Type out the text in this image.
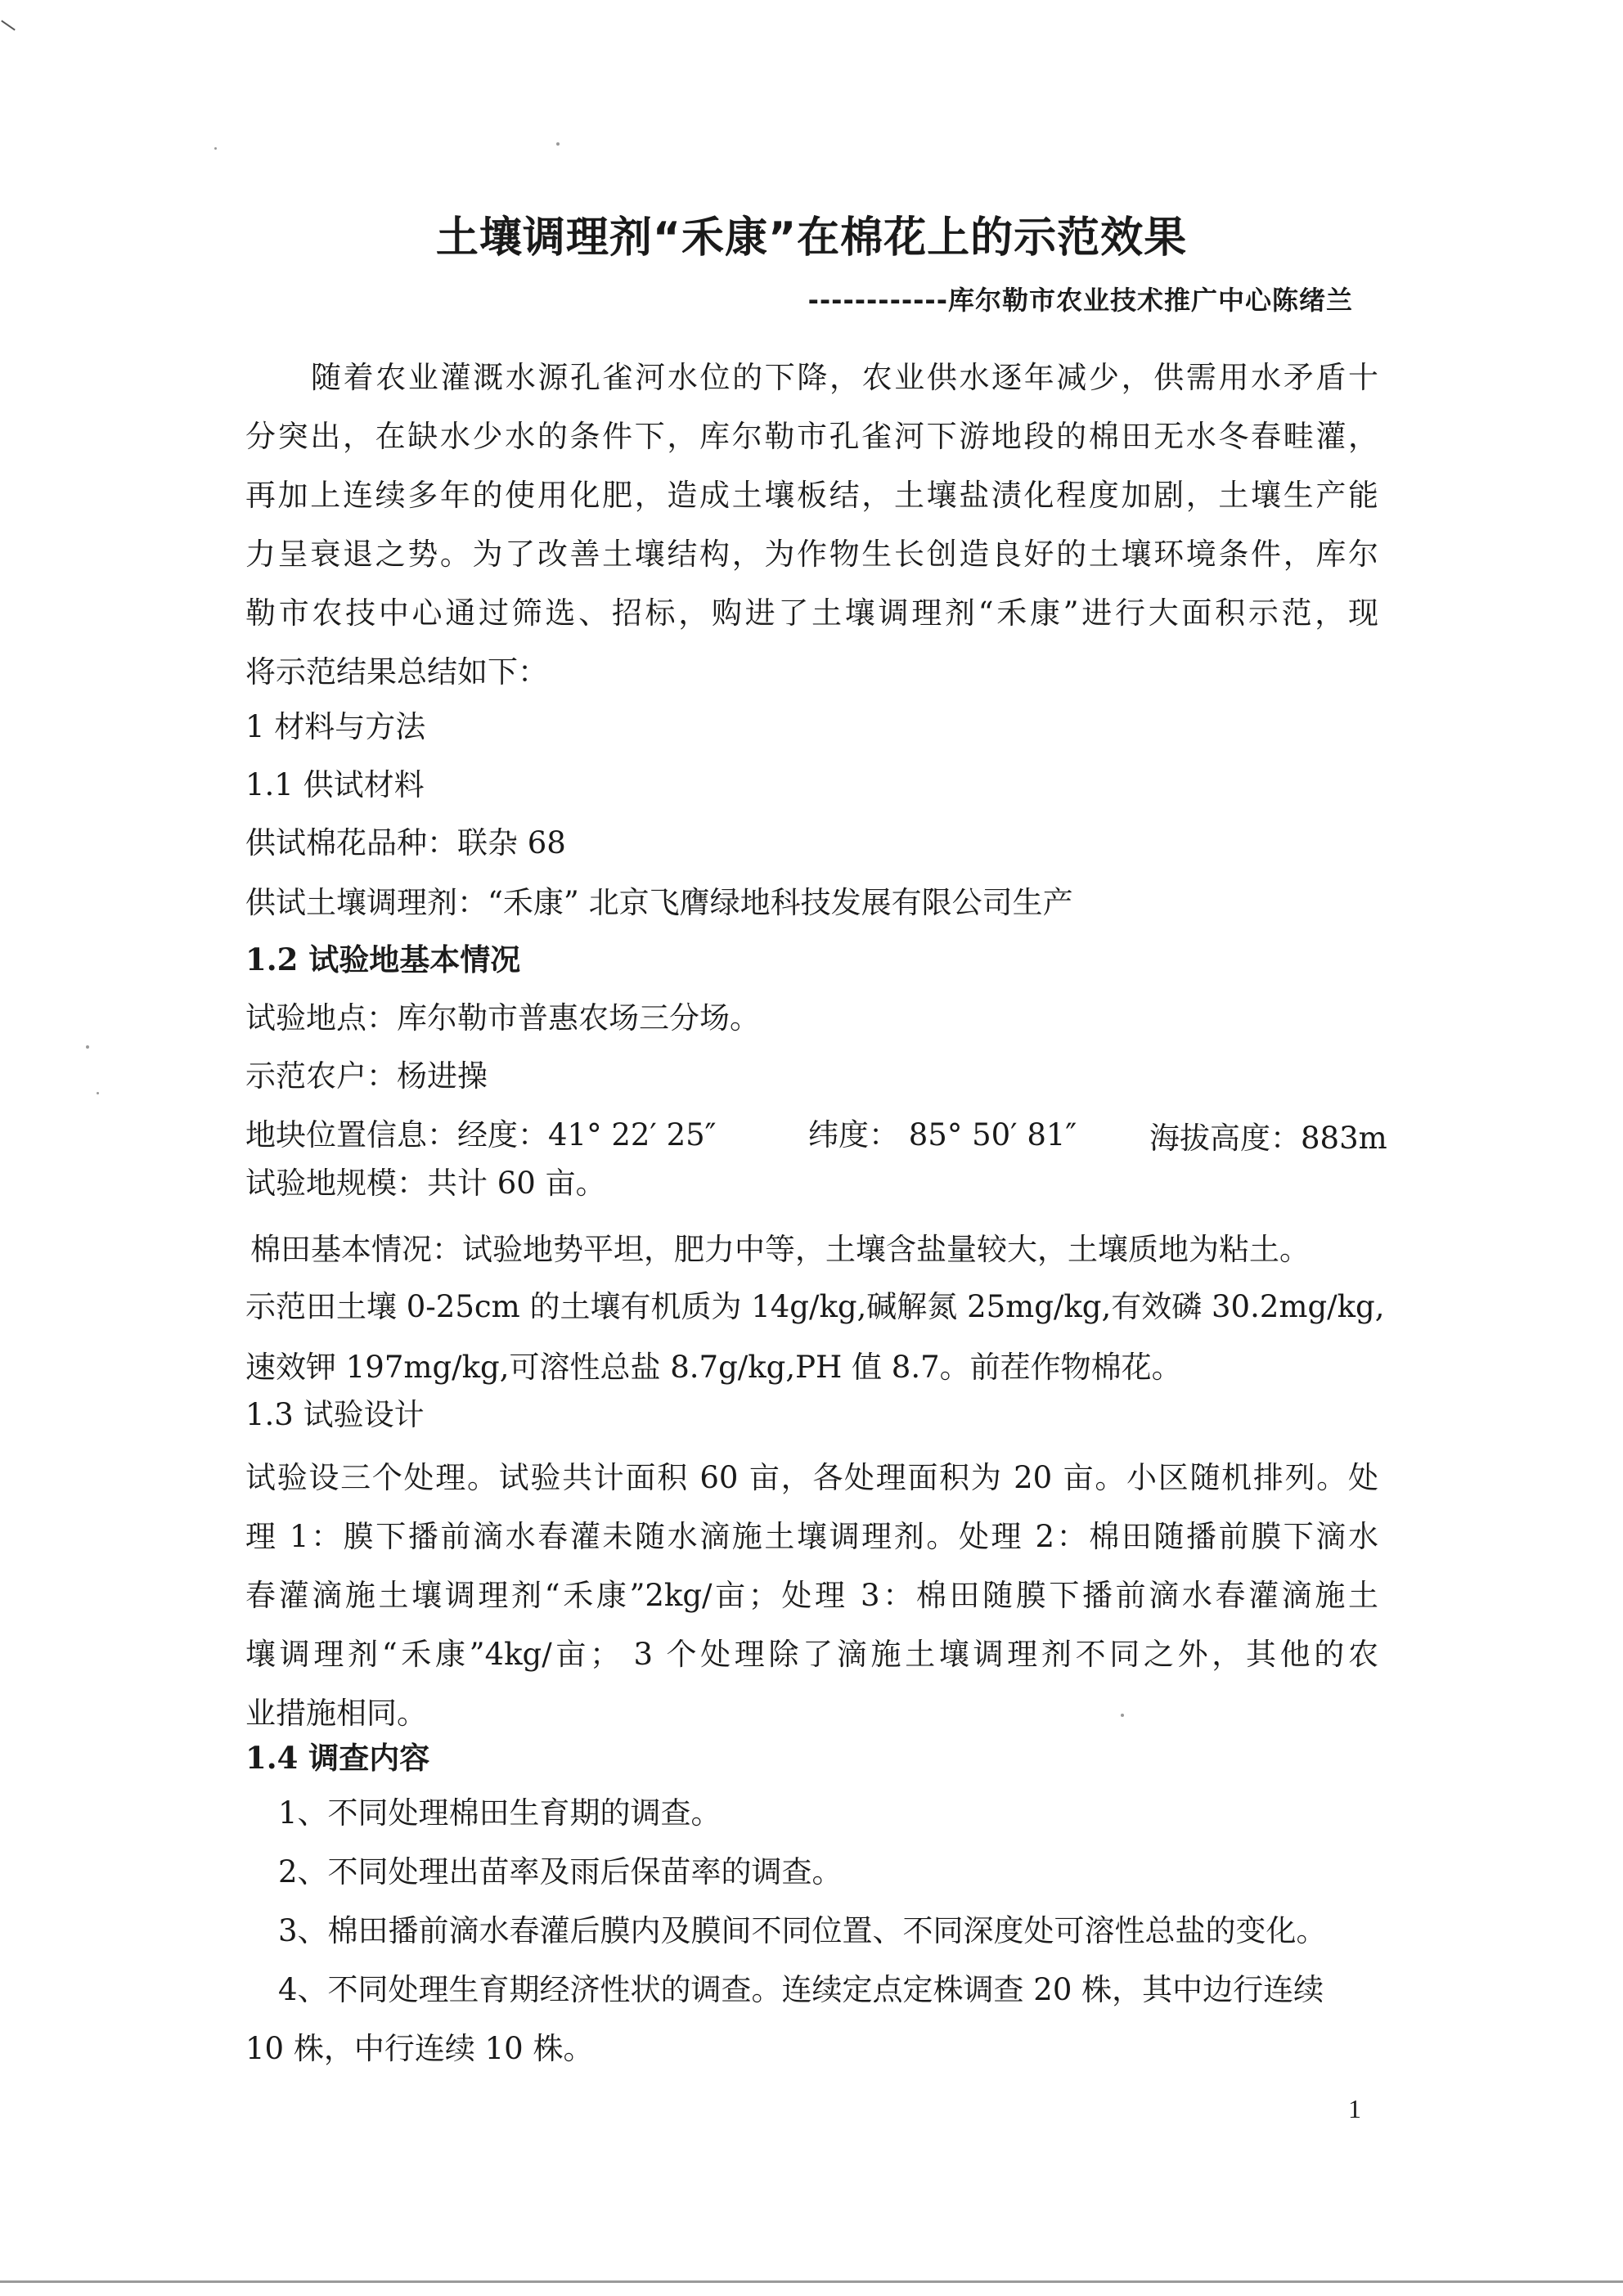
土壤调理剂“禾康”在棉花上的示范效果
------------库尔勒市农业技术推广中心陈绪兰
随着农业灌溉水源孔雀河水位的下降，农业供水逐年减少，供需用水矛盾十
分突出，在缺水少水的条件下，库尔勒市孔雀河下游地段的棉田无水冬春畦灌，
再加上连续多年的使用化肥，造成土壤板结，土壤盐渍化程度加剧，土壤生产能
力呈衰退之势。为了改善土壤结构，为作物生长创造良好的土壤环境条件，库尔
勒市农技中心通过筛选、招标，购进了土壤调理剂“禾康”进行大面积示范，现
将示范结果总结如下：
1 材料与方法
1.1 供试材料
供试棉花品种：联杂 68
供试土壤调理剂：“禾康” 北京飞膺绿地科技发展有限公司生产
1.2 试验地基本情况
试验地点：库尔勒市普惠农场三分场。
示范农户：杨进操
地块位置信息：经度：41° 22′ 25″	纬度： 85° 50′ 81″ 海拔高度：883m
试验地规模：共计 60 亩。
棉田基本情况：试验地势平坦，肥力中等，土壤含盐量较大，土壤质地为粘土。
示范田土壤 0-25cm 的土壤有机质为 14g/kg,碱解氮 25mg/kg,有效磷 30.2mg/kg,
速效钾 197mg/kg,可溶性总盐 8.7g/kg,PH 值 8.7。前茬作物棉花。
1.3 试验设计
试验设三个处理。试验共计面积 60 亩，各处理面积为 20 亩。小区随机排列。处
理 1：膜下播前滴水春灌未随水滴施土壤调理剂。处理 2：棉田随播前膜下滴水
春灌滴施土壤调理剂“禾康”2kg/亩；处理 3：棉田随膜下播前滴水春灌滴施土
壤调理剂“禾康”4kg/亩； 3 个处理除了滴施土壤调理剂不同之外，其他的农
业措施相同。
1.4 调查内容
1、不同处理棉田生育期的调查。
2、不同处理出苗率及雨后保苗率的调查。
3、棉田播前滴水春灌后膜内及膜间不同位置、不同深度处可溶性总盐的变化。
4、不同处理生育期经济性状的调查。连续定点定株调查 20 株，其中边行连续
10 株，中行连续 10 株。
1
